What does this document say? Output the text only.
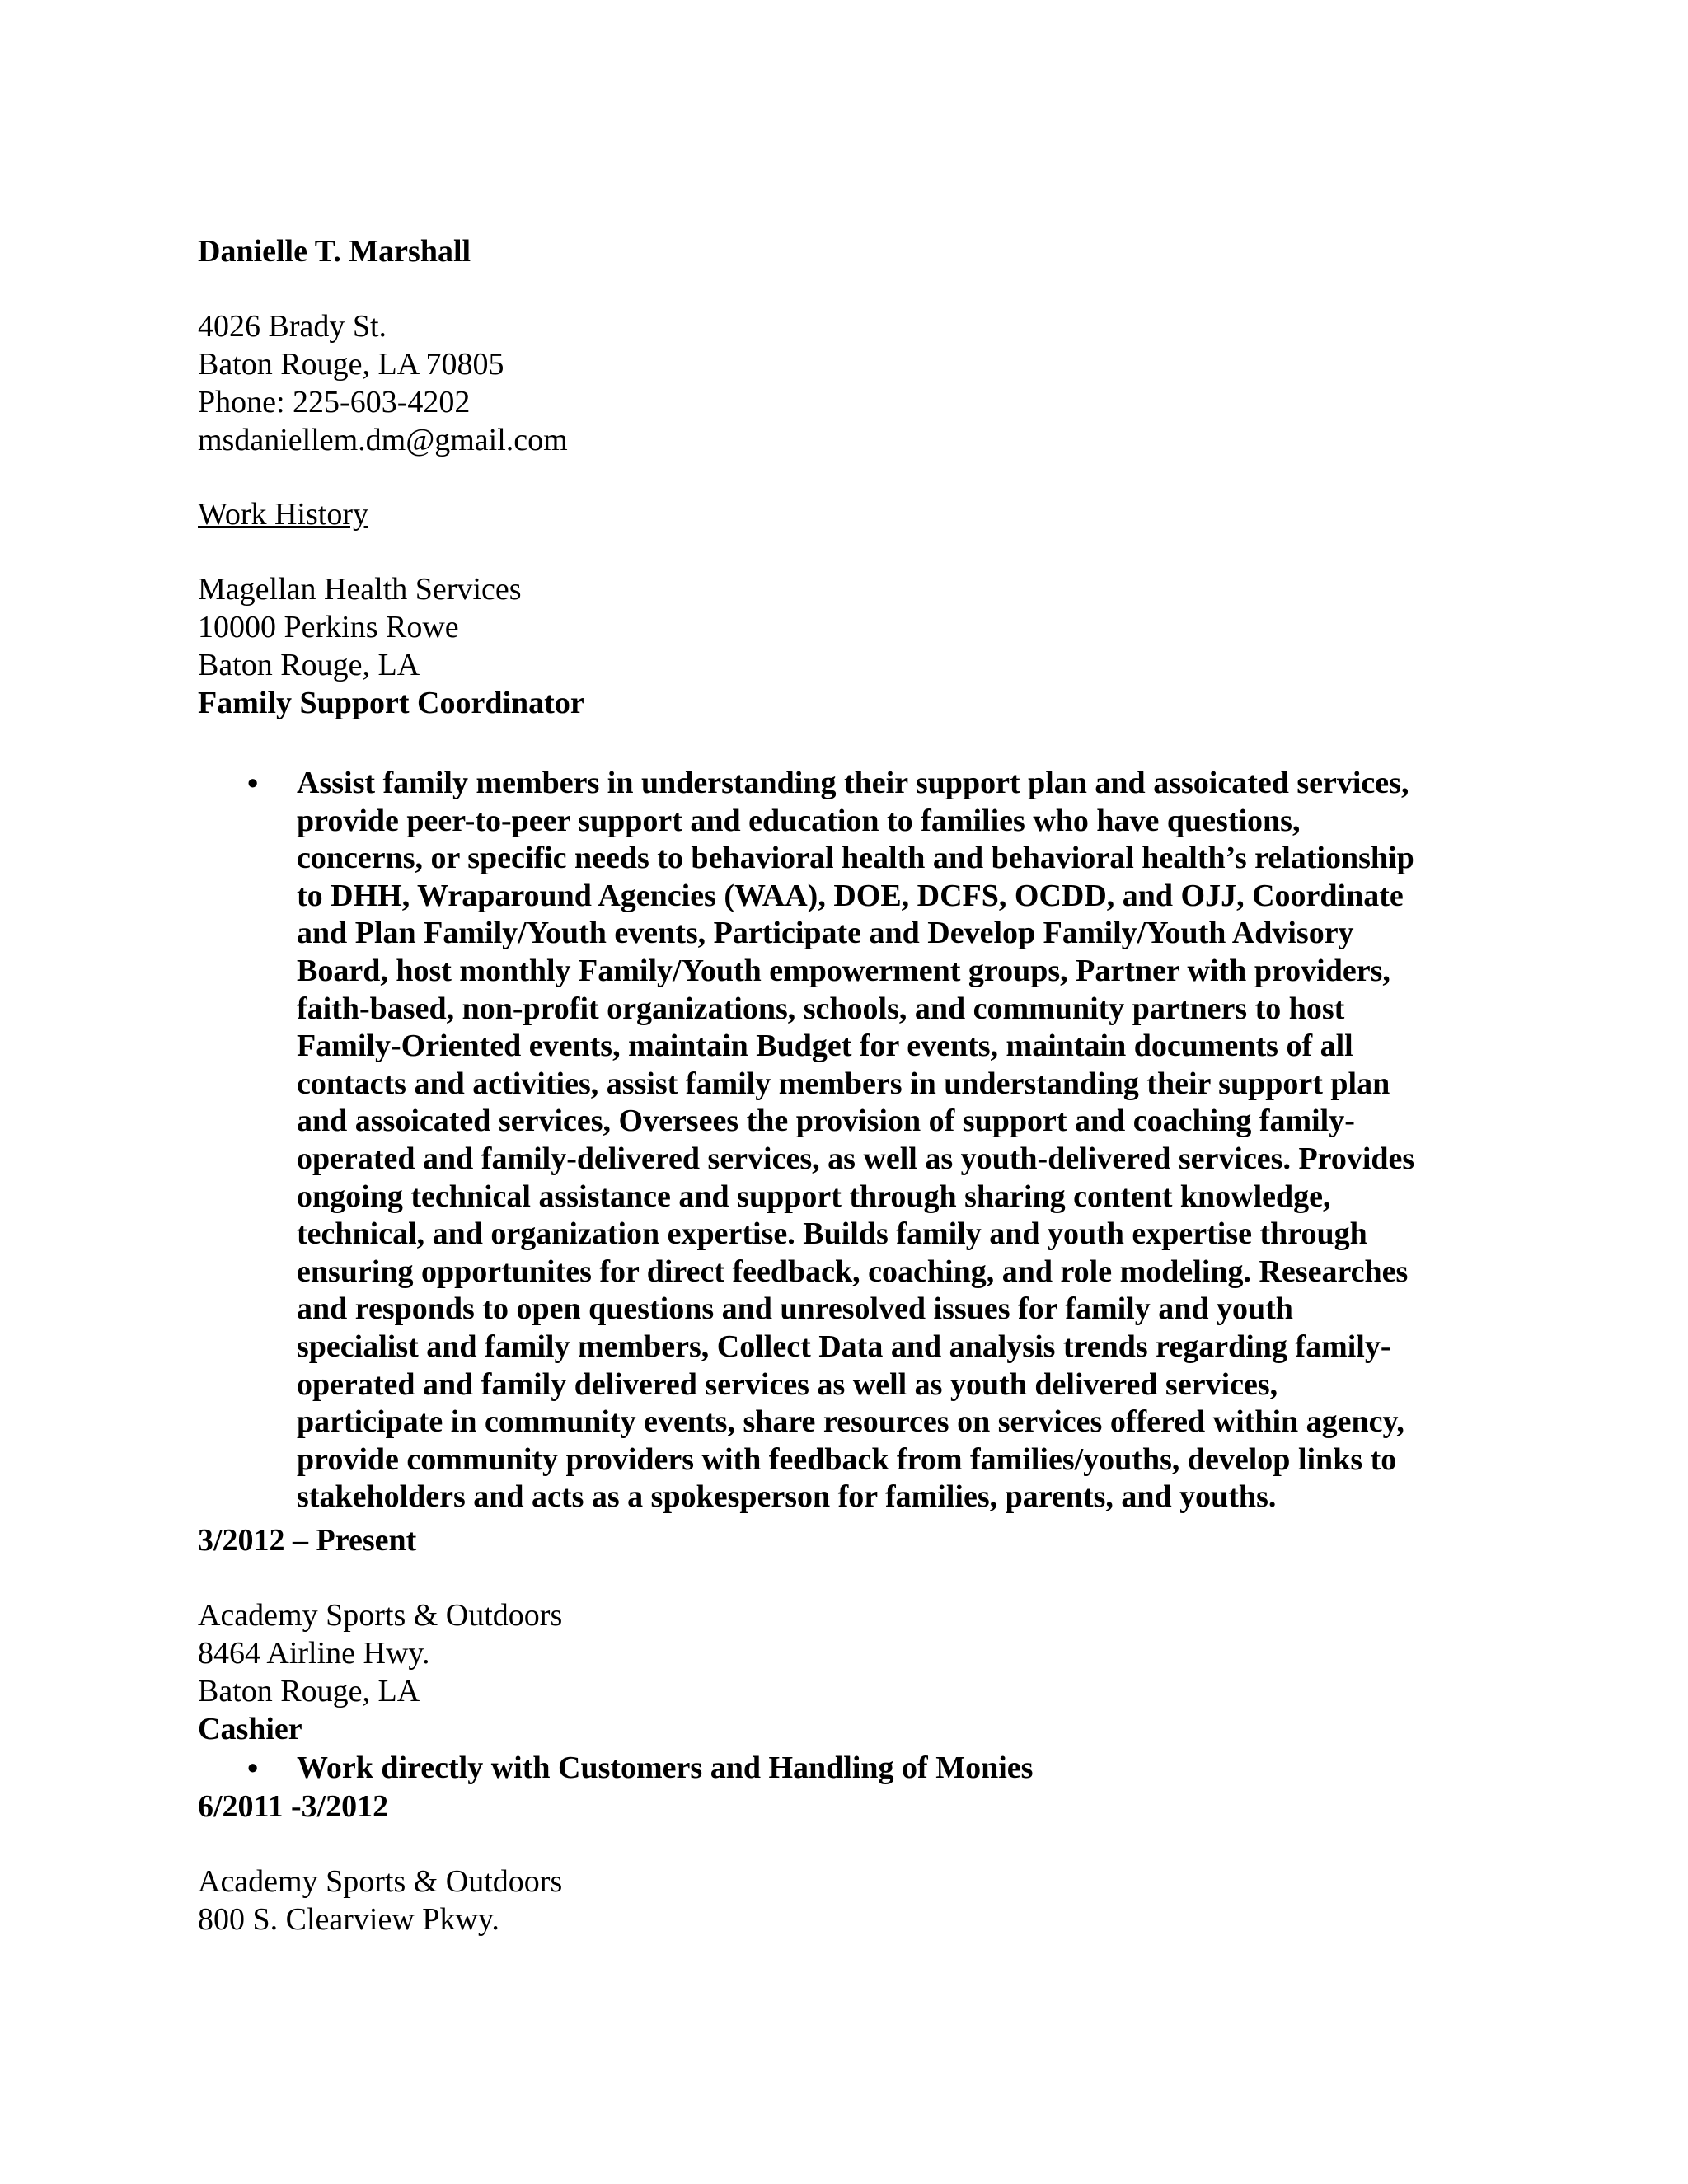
Danielle T. Marshall
4026 Brady St.
Baton Rouge, LA 70805
Phone: 225-603-4202
msdaniellem.dm@gmail.com
Work History
Magellan Health Services
10000 Perkins Rowe
Baton Rouge, LA
Family Support Coordinator
• Assist family members in understanding their support plan and assoicated services,
provide peer-to-peer support and education to families who have questions,
concerns, or specific needs to behavioral health and behavioral health’s relationship
to DHH, Wraparound Agencies (WAA), DOE, DCFS, OCDD, and OJJ, Coordinate
and Plan Family/Youth events, Participate and Develop Family/Youth Advisory
Board, host monthly Family/Youth empowerment groups, Partner with providers,
faith-based, non-profit organizations, schools, and community partners to host
Family-Oriented events, maintain Budget for events, maintain documents of all
contacts and activities, assist family members in understanding their support plan
and assoicated services, Oversees the provision of support and coaching family-
operated and family-delivered services, as well as youth-delivered services. Provides
ongoing technical assistance and support through sharing content knowledge,
technical, and organization expertise. Builds family and youth expertise through
ensuring opportunites for direct feedback, coaching, and role modeling. Researches
and responds to open questions and unresolved issues for family and youth
specialist and family members, Collect Data and analysis trends regarding family-
operated and family delivered services as well as youth delivered services,
participate in community events, share resources on services offered within agency,
provide community providers with feedback from families/youths, develop links to
stakeholders and acts as a spokesperson for families, parents, and youths.
3/2012 – Present
Academy Sports & Outdoors
8464 Airline Hwy.
Baton Rouge, LA
Cashier
• Work directly with Customers and Handling of Monies
6/2011 -3/2012
Academy Sports & Outdoors
800 S. Clearview Pkwy.
